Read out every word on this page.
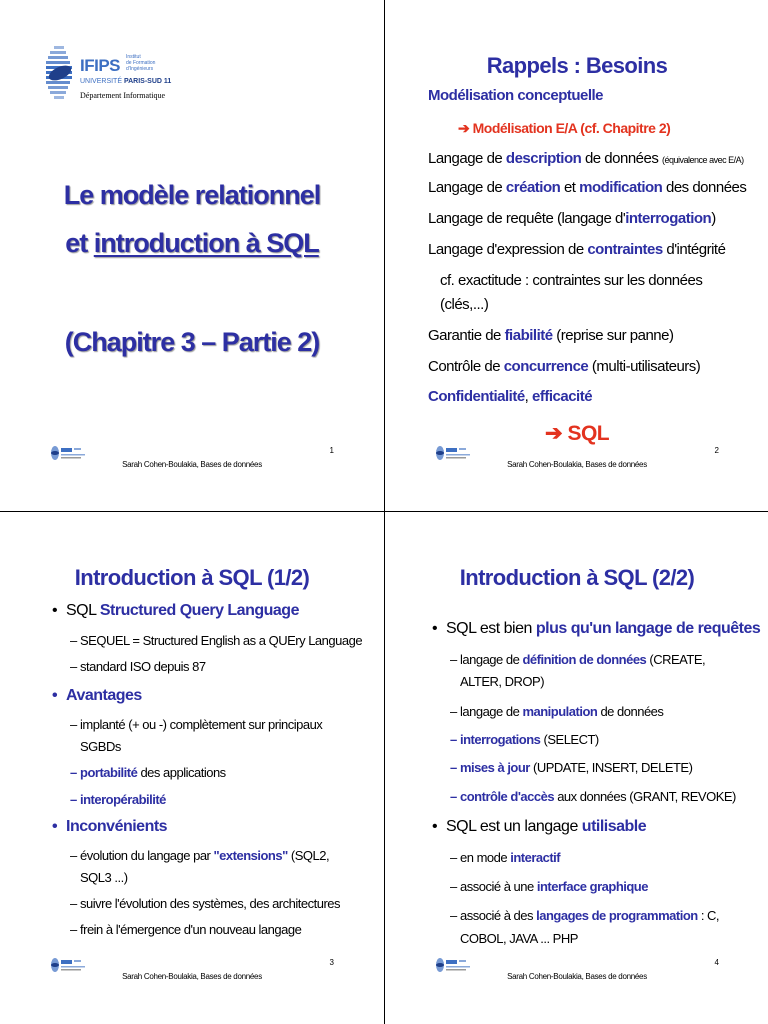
IFIPS Institut
de Formation
d'Ingénieurs
UNIVERSITÉ PARIS-SUD 11
Département Informatique
Le modèle relationnel
et introduction à SQL
(Chapitre 3 – Partie 2)
Sarah Cohen-Boulakia, Bases de données
1
Rappels : Besoins
Modélisation conceptuelle
➔ Modélisation E/A (cf. Chapitre 2)
Langage de description de données (équivalence avec E/A)
Langage de création et modification des données
Langage de requête (langage d'interrogation)
Langage d'expression de contraintes d'intégrité
cf. exactitude : contraintes sur les données
(clés,...)
Garantie de fiabilité (reprise sur panne)
Contrôle de concurrence (multi-utilisateurs)
Confidentialité, efficacité
➔ SQL
Sarah Cohen-Boulakia, Bases de données
2
Introduction à SQL (1/2)
• SQL Structured Query Language
– SEQUEL = Structured English as a QUEry Language
– standard ISO depuis 87
• Avantages
– implanté (+ ou -) complètement sur principaux
SGBDs
– portabilité des applications
– interopérabilité
• Inconvénients
– évolution du langage par "extensions" (SQL2,
SQL3 ...)
– suivre l'évolution des systèmes, des architectures
– frein à l'émergence d'un nouveau langage
Sarah Cohen-Boulakia, Bases de données
3
Introduction à SQL (2/2)
• SQL est bien plus qu'un langage de requêtes
– langage de définition de données (CREATE,
ALTER, DROP)
– langage de manipulation de données
– interrogations (SELECT)
– mises à jour (UPDATE, INSERT, DELETE)
– contrôle d'accès aux données (GRANT, REVOKE)
• SQL est un langage utilisable
– en mode interactif
– associé à une interface graphique
– associé à des langages de programmation : C,
COBOL, JAVA ... PHP
Sarah Cohen-Boulakia, Bases de données
4
